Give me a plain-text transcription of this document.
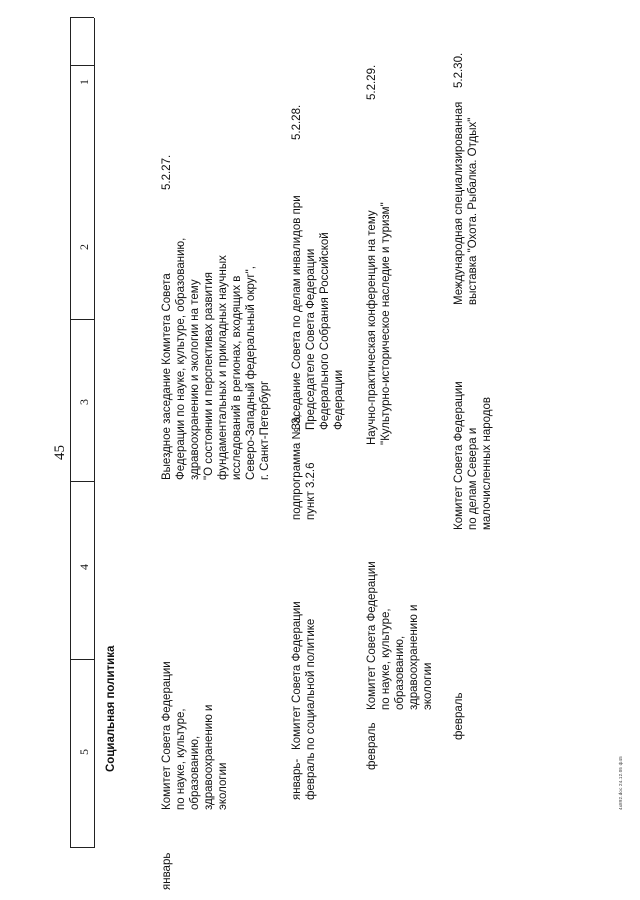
45
1
2
3
4
5 Социальная политика
5.2.27.
Выездное заседание Комитета Совета
Федерации по науке, культуре, образованию,
здравоохранению и экологии на тему
"О состоянии и перспективах развития
фундаментальных и прикладных научных
исследований в регионах, входящих в
Северо-Западный федеральный округ",
г. Санкт-Петербург
Комитет Совета Федерации
по науке, культуре,
образованию,
здравоохранению и
экологии
январь
5.2.28.
Заседание Совета по делам инвалидов при
Председателе Совета Федерации
Федерального Собрания Российской
Федерации
подпрограмма № 3,
пункт 3.2.6
Комитет Совета Федерации
по социальной политике
январь-
февраль
5.2.29.
Научно-практическая конференция на тему
"Культурно-историческое наследие и туризм"
Комитет Совета Федерации
по науке, культуре,
образованию,
здравоохранению и
экологии
февраль
5.2.30.
Международная специализированная
выставка "Охота. Рыбалка. Отдых"
Комитет Совета Федерации
по делам Севера и
малочисленных народов
февраль
4х892.doc 24.12.05 ф45
